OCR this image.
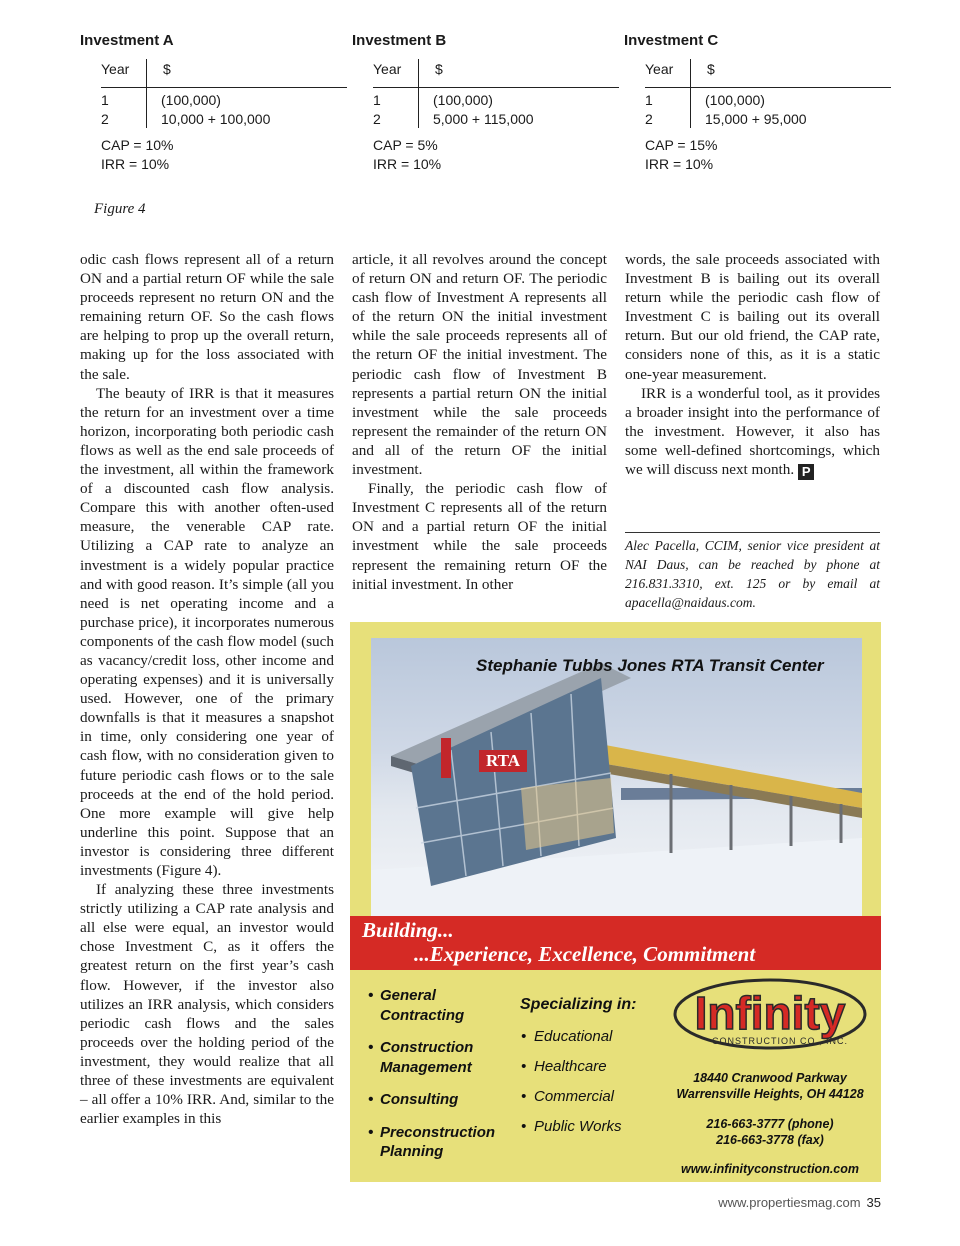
Investment A
Year $
1	(100,000)
2	10,000 + 100,000
CAP = 10%
IRR = 10%
Investment B
Year $
1	(100,000)
2	5,000 + 115,000
CAP = 5%
IRR = 10%
Investment C
Year $
1	(100,000)
2	15,000 + 95,000
CAP = 15%
IRR = 10%
Figure 4

odic cash flows represent all of a return ON and a partial return OF while the sale proceeds represent no return ON and the remaining return OF. So the cash flows are helping to prop up the overall return, making up for the loss associated with the sale.

The beauty of IRR is that it measures the return for an investment over a time horizon, incorporating both periodic cash flows as well as the end sale proceeds of the investment, all within the framework of a discounted cash flow analysis. Compare this with another often-used measure, the venerable CAP rate. Utilizing a CAP rate to analyze an investment is a widely popular practice and with good reason. It’s simple (all you need is net operating income and a purchase price), it incorporates numerous components of the cash flow model (such as vacancy/credit loss, other income and operating expenses) and it is universally used. However, one of the primary downfalls is that it measures a snapshot in time, only considering one year of cash flow, with no consideration given to future periodic cash flows or to the sale proceeds at the end of the hold period. One more example will give help underline this point. Suppose that an investor is considering three different investments (Figure 4).

If analyzing these three investments strictly utilizing a CAP rate analysis and all else were equal, an investor would chose Investment C, as it offers the greatest return on the first year’s cash flow. However, if the investor also utilizes an IRR analysis, which considers periodic cash flows and the sales proceeds over the holding period of the investment, they would realize that all three of these investments are equivalent – all offer a 10% IRR. And, similar to the earlier examples in this

article, it all revolves around the concept of return ON and return OF. The periodic cash flow of Investment A represents all of the return ON the initial investment while the sale proceeds represents all of the return OF the initial investment. The periodic cash flow of Investment B represents a partial return ON the initial investment while the sale proceeds represent the remainder of the return ON and all of the return OF the initial investment.

Finally, the periodic cash flow of Investment C represents all of the return ON and a partial return OF the initial investment while the sale proceeds represent the remaining return OF the initial investment. In other

words, the sale proceeds associated with Investment B is bailing out its overall return while the periodic cash flow of Investment C is bailing out its overall return. But our old friend, the CAP rate, considers none of this, as it is a static one-year measurement.

IRR is a wonderful tool, as it provides a broader insight into the performance of the investment. However, it also has some well-defined shortcomings, which we will discuss next month. P

Alec Pacella, CCIM, senior vice president at NAI Daus, can be reached by phone at 216.831.3310, ext. 125 or by email at apacella@naidaus.com.
RTA
Stephanie Tubbs Jones RTA Transit Center
Building...
...Experience, Excellence, Commitment
• General Contracting
• Construction Management
• Consulting
• Preconstruction Planning
Specializing in:
• Educational
• Healthcare
• Commercial
• Public Works
Infinity
CONSTRUCTION CO., INC.
18440 Cranwood Parkway
Warrensville Heights, OH 44128
216-663-3777 (phone)
216-663-3778 (fax)
www.infinityconstruction.com
www.propertiesmag.com 35
